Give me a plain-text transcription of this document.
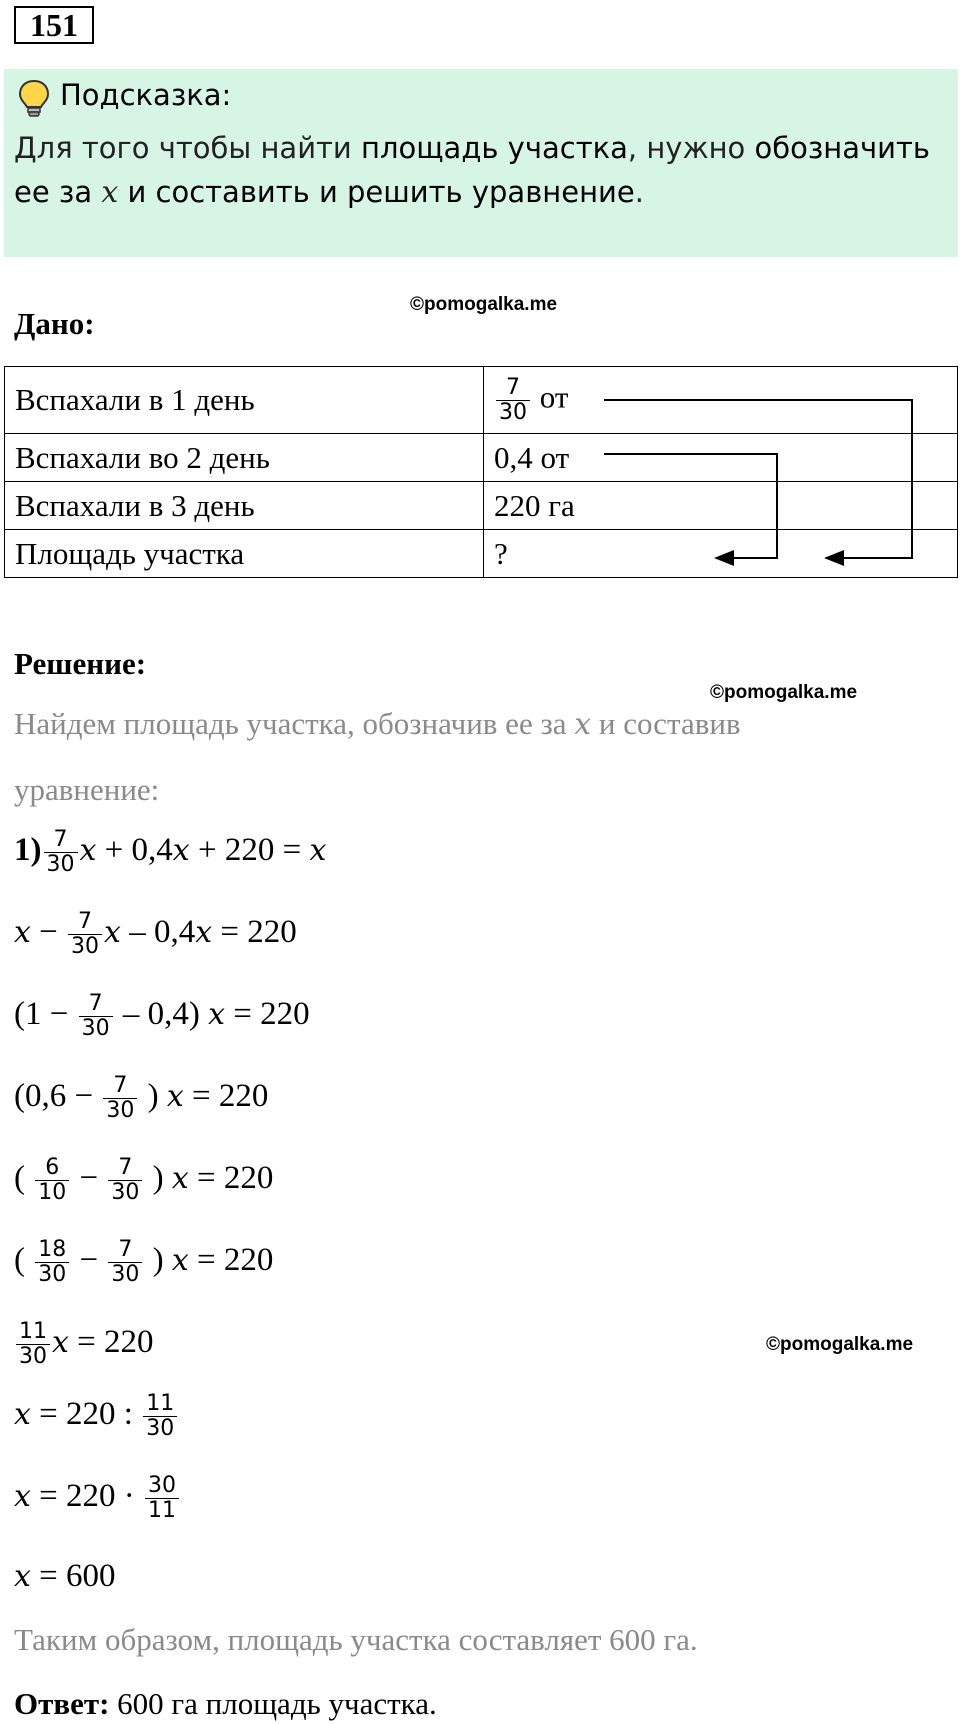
151
Подсказка:
Для того чтобы найти площадь участка, нужно обозначить ее за x и составить и решить уравнение.
Дано:
©pomogalka.me
Вспахали в 1 день	$\frac{7}{30}$ от
Вспахали во 2 день	0,4 от
Вспахали в 3 день	220 га
Площадь участка	?
Решение:
©pomogalka.me
Найдем площадь участка, обозначив ее за x и составив
уравнение:
$1) \frac{7}{30}$ x + 0,4x + 220 = x
$x - \frac{7}{30}$ x – 0,4x = 220
$(1 - \frac{7}{30} - 0,4)$ x = 220
($0,6 - \frac{7}{30}$ ) x = 220
( $\frac{6}{10} - \frac{7}{30}$ ) x = 220
( $\frac{18}{30} - \frac{7}{30}$ ) x = 220
$\frac{11}{30}$ x = 220	©pomogalka.me
x = 220 : $\frac{11}{30}$
$x = 220 \cdot \frac{30}{11}$
x = 600
Таким образом, площадь участка составляет 600 га.
Ответ: 600 га площадь участка.
